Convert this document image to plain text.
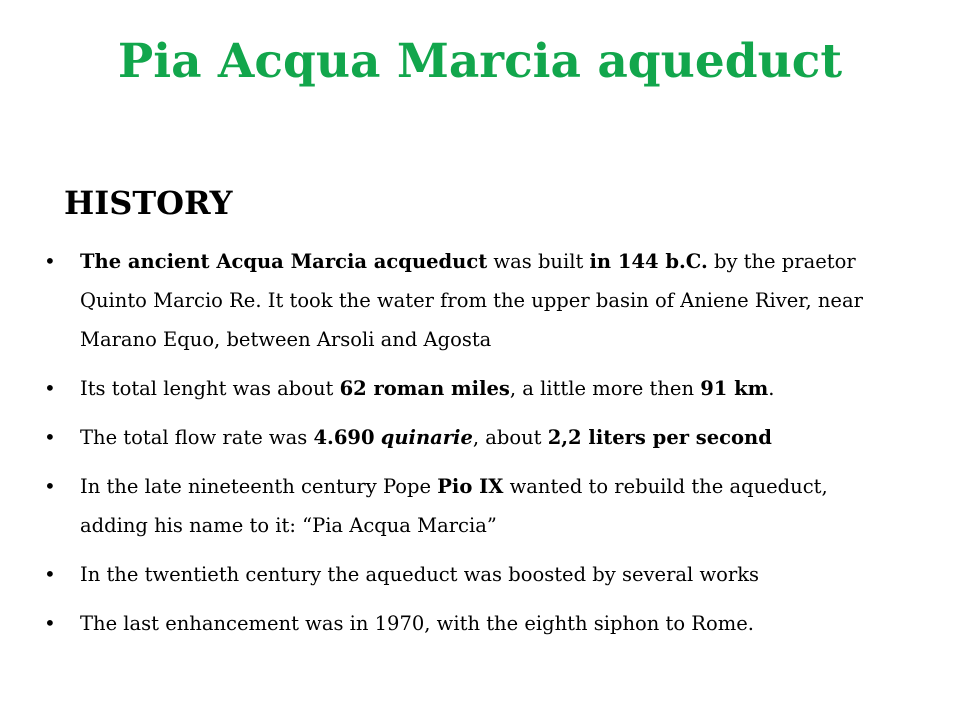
Pia Acqua Marcia aqueduct
HISTORY
• The ancient Acqua Marcia acqueduct was built in 144 b.C. by the praetor Quinto Marcio Re. It took the water from the upper basin of Aniene River, near Marano Equo, between Arsoli and Agosta
• Its total lenght was about 62 roman miles, a little more then 91 km.
• The total flow rate was 4.690 quinarie, about 2,2 liters per second
• In the late nineteenth century Pope Pio IX wanted to rebuild the aqueduct, adding his name to it: “Pia Acqua Marcia”
• In the twentieth century the aqueduct was boosted by several works
• The last enhancement was in 1970, with the eighth siphon to Rome.
